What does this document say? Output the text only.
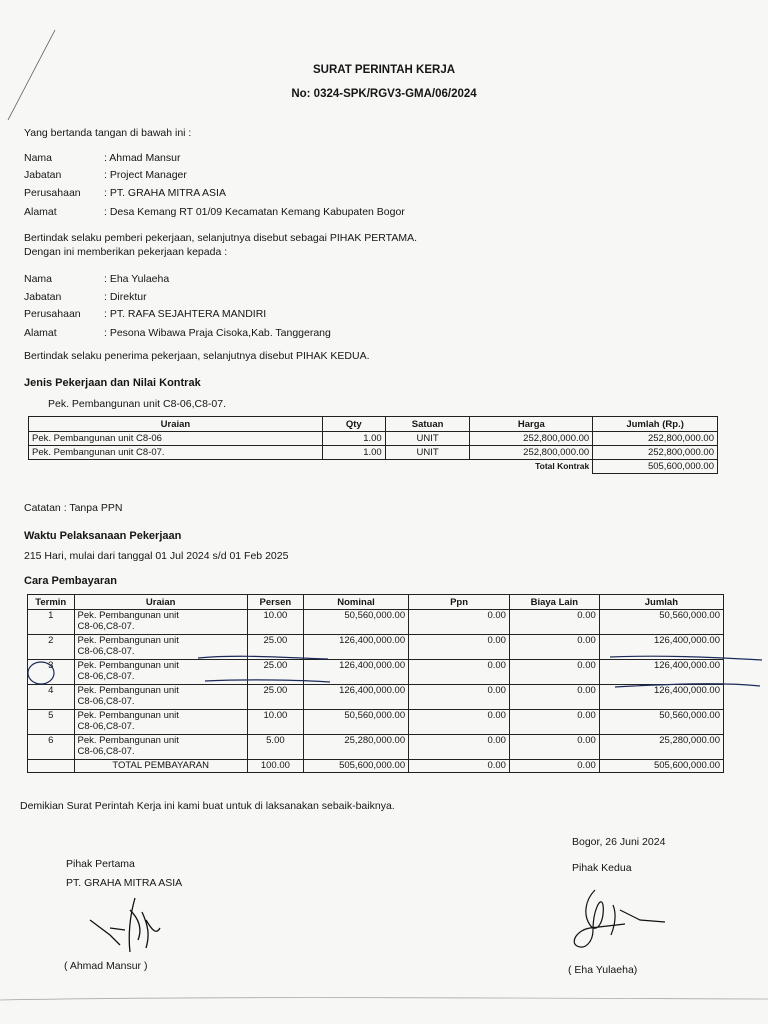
SURAT PERINTAH KERJA
No: 0324-SPK/RGV3-GMA/06/2024
Yang bertanda tangan di bawah ini :
Nama	: Ahmad Mansur
Jabatan	: Project Manager
Perusahaan : PT. GRAHA MITRA ASIA
Alamat	: Desa Kemang RT 01/09 Kecamatan Kemang Kabupaten Bogor
Bertindak selaku pemberi pekerjaan, selanjutnya disebut sebagai PIHAK PERTAMA.
Dengan ini memberikan pekerjaan kepada :
Nama	: Eha Yulaeha
Jabatan	: Direktur
Perusahaan : PT. RAFA SEJAHTERA MANDIRI
Alamat	: Pesona Wibawa Praja Cisoka,Kab. Tanggerang
Bertindak selaku penerima pekerjaan, selanjutnya disebut PIHAK KEDUA.
Jenis Pekerjaan dan Nilai Kontrak
Pek. Pembangunan unit C8-06,C8-07.
Uraian	Qty	Satuan	Harga	Jumlah (Rp.)
Pek. Pembangunan unit C8-06	1.00	UNIT	252,800,000.00	252,800,000.00
Pek. Pembangunan unit C8-07.	1.00	UNIT	252,800,000.00	252,800,000.00
			Total Kontrak	505,600,000.00
Catatan : Tanpa PPN
Waktu Pelaksanaan Pekerjaan
215 Hari, mulai dari tanggal 01 Jul 2024 s/d 01 Feb 2025
Cara Pembayaran
Termin	Uraian	Persen	Nominal	Ppn	Biaya Lain	Jumlah
1	Pek. Pembangunan unit
C8-06,C8-07.	10.00	50,560,000.00	0.00	0.00	50,560,000.00
2	Pek. Pembangunan unit
C8-06,C8-07.	25.00	126,400,000.00	0.00	0.00	126,400,000.00
3	Pek. Pembangunan unit
C8-06,C8-07.	25.00	126,400,000.00	0.00	0.00	126,400,000.00
4	Pek. Pembangunan unit
C8-06,C8-07.	25.00	126,400,000.00	0.00	0.00	126,400,000.00
5	Pek. Pembangunan unit
C8-06,C8-07.	10.00	50,560,000.00	0.00	0.00	50,560,000.00
6	Pek. Pembangunan unit
C8-06,C8-07.	5.00	25,280,000.00	0.00	0.00	25,280,000.00
	TOTAL PEMBAYARAN	100.00	505,600,000.00	0.00	0.00	505,600,000.00
Demikian Surat Perintah Kerja ini kami buat untuk di laksanakan sebaik-baiknya.
Bogor, 26 Juni 2024
Pihak Pertama	Pihak Kedua
PT. GRAHA MITRA ASIA
( Ahmad Mansur )	( Eha Yulaeha)
